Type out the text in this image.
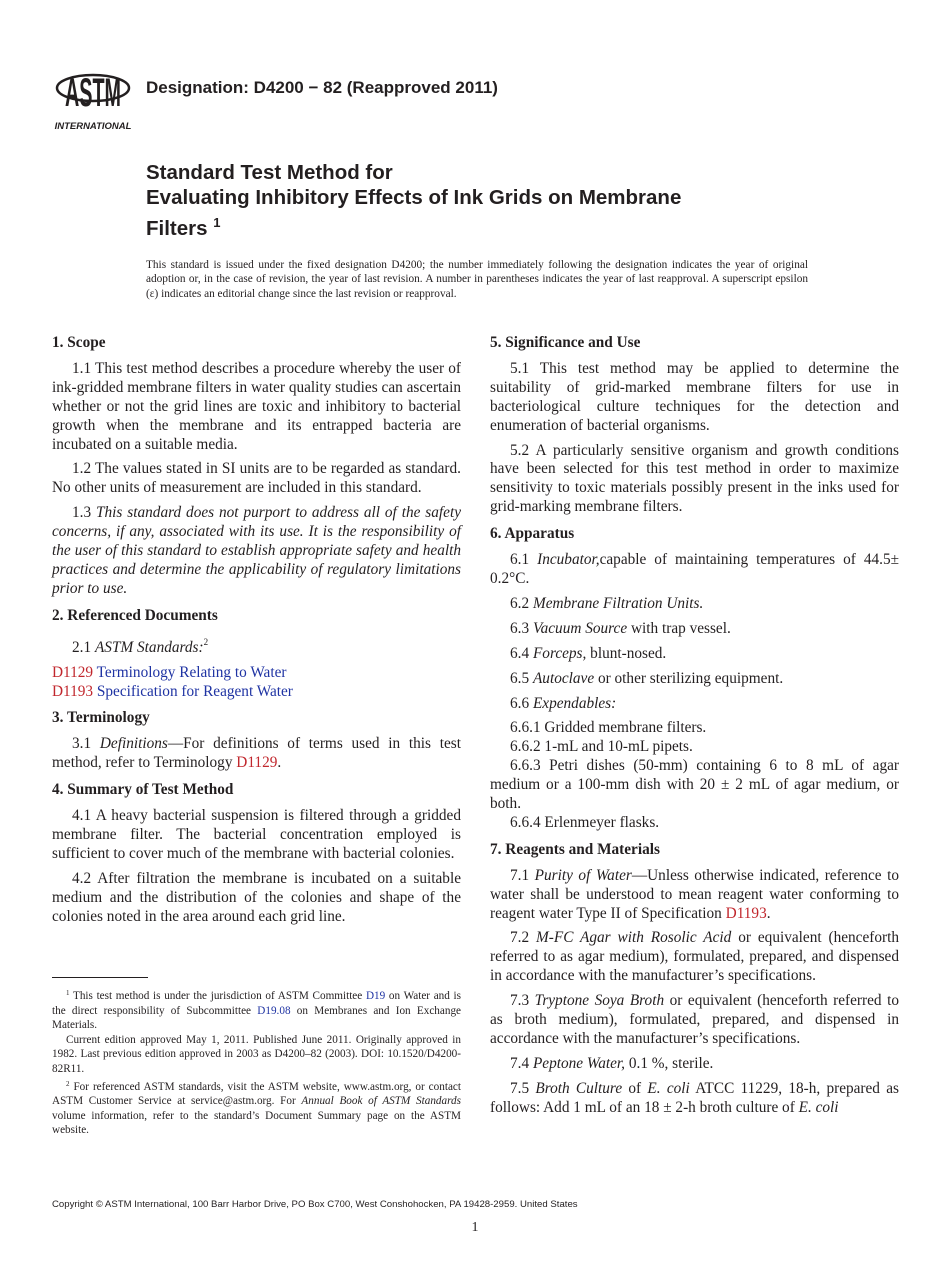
ASTM
INTERNATIONAL
Designation: D4200 − 82 (Reapproved 2011)
Standard Test Method for
Evaluating Inhibitory Effects of Ink Grids on Membrane
Filters $^1$
This standard is issued under the fixed designation D4200; the number immediately following the designation indicates the year of original adoption or, in the case of revision, the year of last revision. A number in parentheses indicates the year of last reapproval. A superscript epsilon (ε) indicates an editorial change since the last revision or reapproval.
1. Scope

1.1 This test method describes a procedure whereby the user of ink-gridded membrane filters in water quality studies can ascertain whether or not the grid lines are toxic and inhibitory to bacterial growth when the membrane and its entrapped bacteria are incubated on a suitable media.

1.2 The values stated in SI units are to be regarded as standard. No other units of measurement are included in this standard.

1.3 This standard does not purport to address all of the safety concerns, if any, associated with its use. It is the responsibility of the user of this standard to establish appropriate safety and health practices and determine the applicability of regulatory limitations prior to use.

2. Referenced Documents

2.1 ASTM Standards:$^2$

D1129 Terminology Relating to Water

D1193 Specification for Reagent Water

3. Terminology

3.1 Definitions—For definitions of terms used in this test method, refer to Terminology D1129.

4. Summary of Test Method

4.1 A heavy bacterial suspension is filtered through a gridded membrane filter. The bacterial concentration employed is sufficient to cover much of the membrane with bacterial colonies.

4.2 After filtration the membrane is incubated on a suitable medium and the distribution of the colonies and shape of the colonies noted in the area around each grid line.

5. Significance and Use

5.1 This test method may be applied to determine the suitability of grid-marked membrane filters for use in bacteriological culture techniques for the detection and enumeration of bacterial organisms.

5.2 A particularly sensitive organism and growth conditions have been selected for this test method in order to maximize sensitivity to toxic materials possibly present in the inks used for grid-marking membrane filters.

6. Apparatus

6.1 Incubator,capable of maintaining temperatures of 44.5± 0.2°C.

6.2 Membrane Filtration Units.

6.3 Vacuum Source with trap vessel.

6.4 Forceps, blunt-nosed.

6.5 Autoclave or other sterilizing equipment.

6.6 Expendables:

6.6.1 Gridded membrane filters.

6.6.2 1-mL and 10-mL pipets.

6.6.3 Petri dishes (50-mm) containing 6 to 8 mL of agar medium or a 100-mm dish with 20 ± 2 mL of agar medium, or both.

6.6.4 Erlenmeyer flasks.

7. Reagents and Materials

7.1 Purity of Water—Unless otherwise indicated, reference to water shall be understood to mean reagent water conforming to reagent water Type II of Specification D1193.

7.2 M-FC Agar with Rosolic Acid or equivalent (henceforth referred to as agar medium), formulated, prepared, and dispensed in accordance with the manufacturer’s specifications.

7.3 Tryptone Soya Broth or equivalent (henceforth referred to as broth medium), formulated, prepared, and dispensed in accordance with the manufacturer’s specifications.

7.4 Peptone Water, 0.1 %, sterile.

7.5 Broth Culture of E. coli ATCC 11229, 18-h, prepared as follows: Add 1 mL of an 18 ± 2-h broth culture of E. coli

$^1$ This test method is under the jurisdiction of ASTM Committee D19 on Water and is the direct responsibility of Subcommittee D19.08 on Membranes and Ion Exchange Materials.

Current edition approved May 1, 2011. Published June 2011. Originally approved in 1982. Last previous edition approved in 2003 as D4200–82 (2003). DOI: 10.1520/D4200-82R11.

$^2$ For referenced ASTM standards, visit the ASTM website, www.astm.org, or contact ASTM Customer Service at service@astm.org. For Annual Book of ASTM Standards volume information, refer to the standard’s Document Summary page on the ASTM website.

Copyright © ASTM International, 100 Barr Harbor Drive, PO Box C700, West Conshohocken, PA 19428-2959. United States
1
